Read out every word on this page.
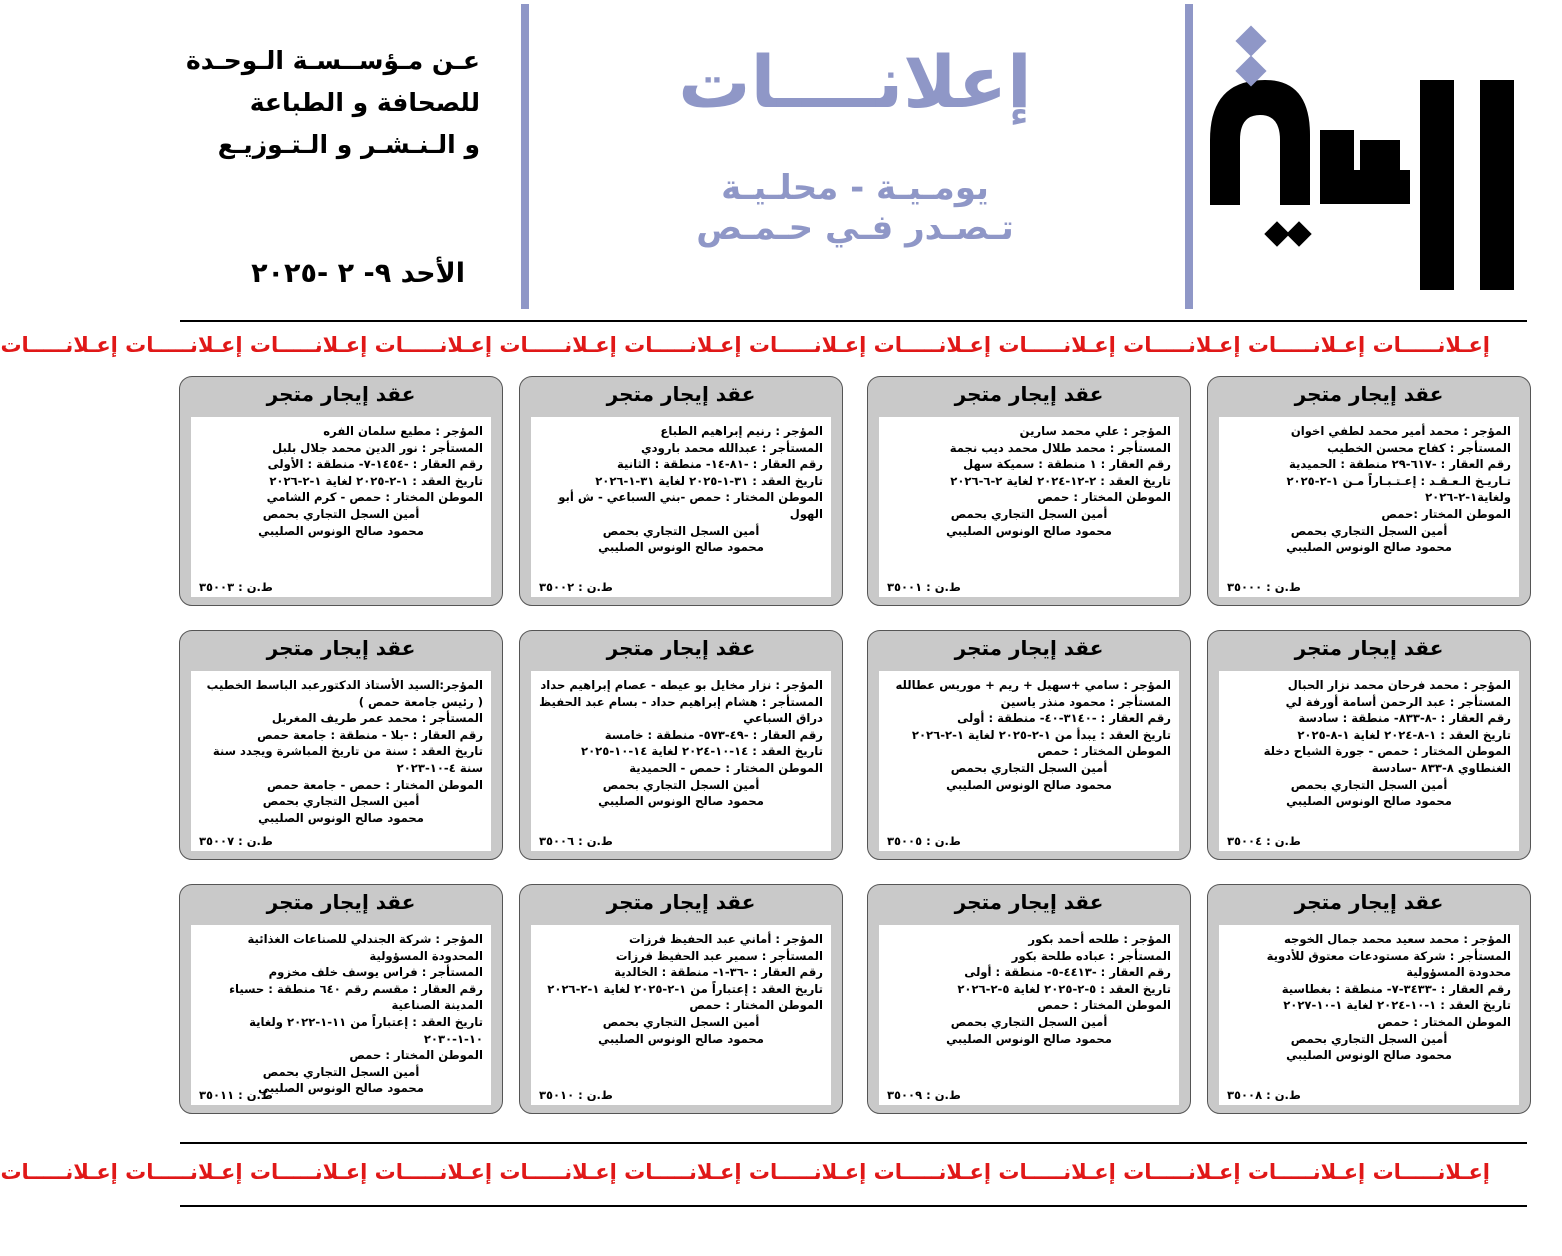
إعلانــــات
يومـيـة - محلـيـة
تـصـدر فـي حـمـص
عـن مـؤســسـة الـوحـدة
للصحافة و الطباعة
و الـنـشـر و الـتـوزيـع
الأحد ٩- ٢ -٢٠٢٥
إعـلانـــــات إعـلانـــــات إعـلانـــــات إعـلانـــــات إعـلانـــــات إعـلانـــــات إعـلانـــــات إعـلانـــــات إعـلانـــــات إعـلانـــــات إعـلانـــــات إعـلانـــــات
عقد إيجار متجر
المؤجر : محمد أمير محمد لطفي اخوان
المستأجر : كفاح محسن الخطيب
رقم العقار : -٦١٧-٢٩ منطقة : الحميدية
تـاريـخ الـعـقـد : إعـتـبـاراً مـن ١-٢-٢٠٢٥ ولغاية١-٢-٢٠٢٦
الموطن المختار :حمص
أمين السجل التجاري بحمص
محمود صالح الونوس الصليبي
ط.ن : ٣٥٠٠٠
عقد إيجار متجر
المؤجر : علي محمد سارين
المستأجر : محمد طلال محمد ديب نجمة
رقم العقار : ١ منطقة : سميكة سهل
تاريخ العقد : ٢-١٢-٢٠٢٤ لغاية ٢-٦-٢٠٢٦
الموطن المختار : حمص
أمين السجل التجاري بحمص
محمود صالح الونوس الصليبي
ط.ن : ٣٥٠٠١
عقد إيجار متجر
المؤجر : رنيم إبراهيم الطباع
المستأجر : عبدالله محمد بارودي
رقم العقار : -٨١-١٤- منطقة : الثانية
تاريخ العقد : ٣١-١-٢٠٢٥ لغاية ٣١-١-٢٠٢٦
الموطن المختار : حمص -بني السباعي - ش أبو الهول
أمين السجل التجاري بحمص
محمود صالح الونوس الصليبي
ط.ن : ٣٥٠٠٢
عقد إيجار متجر
المؤجر : مطيع سلمان الفره
المستأجر : نور الدين محمد جلال بلبل
رقم العقار : -١٤٥٤-٧- منطقة : الأولى
تاريخ العقد : ١-٢-٢٠٢٥ لغاية ١-٢-٢٠٢٦
الموطن المختار : حمص - كرم الشامي
أمين السجل التجاري بحمص
محمود صالح الونوس الصليبي
ط.ن : ٣٥٠٠٣
عقد إيجار متجر
المؤجر : محمد فرحان محمد نزار الحبال
المستأجر : عبد الرحمن أسامة أورفة لي
رقم العقار : -٨-٨٣٣- منطقة : سادسة
تاريخ العقد : ١-٨-٢٠٢٤ لغاية ١-٨-٢٠٢٥
الموطن المختار : حمص - جورة الشياح دخلة الغنطاوي ٨-٨٣٣ -سادسة
أمين السجل التجاري بحمص
محمود صالح الونوس الصليبي
ط.ن : ٣٥٠٠٤
عقد إيجار متجر
المؤجر : سامي +سهيل + ريم + موريس عطالله
المستأجر : محمود منذر ياسين
رقم العقار : -٣١٤٠-٤٠- منطقة : أولى
تاريخ العقد : يبدأ من ١-٢-٢٠٢٥ لغاية ١-٢-٢٠٢٦
الموطن المختار : حمص
أمين السجل التجاري بحمص
محمود صالح الونوس الصليبي
ط.ن : ٣٥٠٠٥
عقد إيجار متجر
المؤجر : نزار مخايل بو عيطه - عصام إبراهيم حداد
المستأجر : هشام إبراهيم حداد - بسام عبد الحفيظ دراق السباعي
رقم العقار : -٤٩-٥٧٣- منطقة : خامسة
تاريخ العقد : ١٤-١٠-٢٠٢٤ لغاية ١٤-١٠-٢٠٢٥
الموطن المختار : حمص - الحميدية
أمين السجل التجاري بحمص
محمود صالح الونوس الصليبي
ط.ن : ٣٥٠٠٦
عقد إيجار متجر
المؤجر:السيد الأستاذ الدكتورعبد الباسط الخطيب ( رئيس جامعة حمص )
المستأجر : محمد عمر طريف المغربل
رقم العقار : -بلا - منطقة : جامعة حمص
تاريخ العقد : سنة من تاريخ المباشرة ويجدد سنة سنة ٤-١٠-٢٠٢٣
الموطن المختار : حمص - جامعة حمص
أمين السجل التجاري بحمص
محمود صالح الونوس الصليبي
ط.ن : ٣٥٠٠٧
عقد إيجار متجر
المؤجر : محمد سعيد محمد جمال الخوجه
المستأجر : شركة مستودعات معتوق للأدوية محدودة المسؤولية
رقم العقار : -٣٤٣٣-٧- منطقة : بغطاسية
تاريخ العقد : ١-١٠-٢٠٢٤ لغاية ١-١٠-٢٠٢٧
الموطن المختار : حمص
أمين السجل التجاري بحمص
محمود صالح الونوس الصليبي
ط.ن : ٣٥٠٠٨
عقد إيجار متجر
المؤجر : طلحه أحمد بكور
المستأجر : عباده طلحة بكور
رقم العقار : -٤٤١٣-٥- منطقة : أولى
تاريخ العقد : ٥-٢-٢٠٢٥ لغاية ٥-٢-٢٠٢٦
الموطن المختار : حمص
أمين السجل التجاري بحمص
محمود صالح الونوس الصليبي
ط.ن : ٣٥٠٠٩
عقد إيجار متجر
المؤجر : أماني عبد الحفيظ فرزات
المستأجر : سمير عبد الحفيظ فرزات
رقم العقار : -٣٦-١- منطقة : الخالدية
تاريخ العقد : إعتباراً من ١-٢-٢٠٢٥ لغاية ١-٢-٢٠٢٦
الموطن المختار : حمص
أمين السجل التجاري بحمص
محمود صالح الونوس الصليبي
ط.ن : ٣٥٠١٠
عقد إيجار متجر
المؤجر : شركة الجندلي للصناعات الغذائية المحدودة المسؤولية
المستأجر : فراس يوسف خلف مخزوم
رقم العقار : مقسم رقم ٦٤٠ منطقة : حسياء المدينة الصناعية
تاريخ العقد : إعتباراً من ١١-١-٢٠٢٢ ولغاية ١٠-١-٢٠٣٠
الموطن المختار : حمص
أمين السجل التجاري بحمص
محمود صالح الونوس الصليبي
ط.ن : ٣٥٠١١
إعـلانـــــات إعـلانـــــات إعـلانـــــات إعـلانـــــات إعـلانـــــات إعـلانـــــات إعـلانـــــات إعـلانـــــات إعـلانـــــات إعـلانـــــات إعـلانـــــات إعـلانـــــات
